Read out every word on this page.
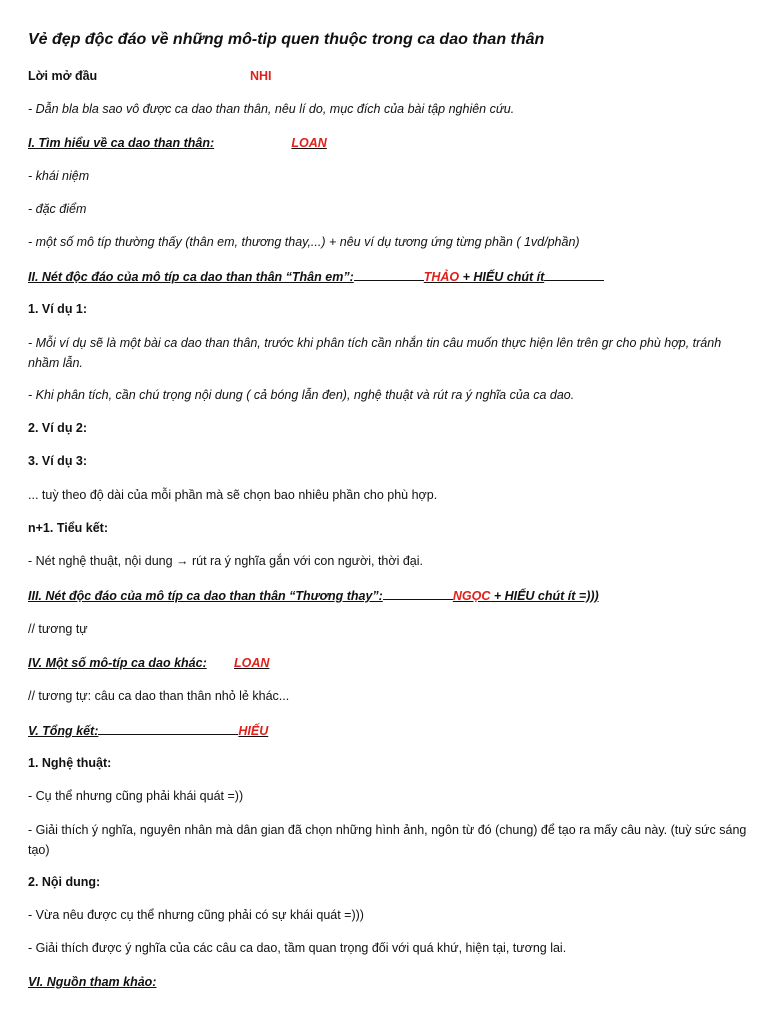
Vẻ đẹp độc đáo về những mô-tip quen thuộc trong ca dao than thân
Lời mở đầu	NHI
- Dẫn bla bla sao vô được ca dao than thân, nêu lí do, mục đích của bài tập nghiên cứu.
I. Tìm hiểu về ca dao than thân:	LOAN
- khái niệm
- đặc điểm
- một số mô típ thường thấy (thân em, thương thay,...) + nêu ví dụ tương ứng từng phần ( 1vd/phần)
II. Nét độc đáo của mô típ ca dao than thân “Thân em”:	THẢO + HIẾU chút ít
1. Ví dụ 1:
- Mỗi ví dụ sẽ là một bài ca dao than thân, trước khi phân tích cần nhắn tin câu muốn thực hiện lên trên gr cho phù hợp, tránh nhầm lẫn.
- Khi phân tích, cần chú trọng nội dung ( cả bóng lẫn đen), nghệ thuật và rút ra ý nghĩa của ca dao.
2. Ví dụ 2:
3. Ví dụ 3:
... tuỳ theo độ dài của mỗi phần mà sẽ chọn bao nhiêu phần cho phù hợp.
n+1. Tiểu kết:
- Nét nghệ thuật, nội dung → rút ra ý nghĩa gắn với con người, thời đại.
III. Nét độc đáo của mô típ ca dao than thân “Thương thay”:	NGỌC + HIẾU chút ít =)))
// tương tự
IV. Một số mô-típ ca dao khác: LOAN
// tương tự: câu ca dao than thân nhỏ lẻ khác...
V. Tổng kết:	HIẾU
1. Nghệ thuật:
- Cụ thể nhưng cũng phải khái quát =))
- Giải thích ý nghĩa, nguyên nhân mà dân gian đã chọn những hình ảnh, ngôn từ đó (chung) để tạo ra mấy câu này. (tuỳ sức sáng tạo)
2. Nội dung:
- Vừa nêu được cụ thể nhưng cũng phải có sự khái quát =)))
- Giải thích được ý nghĩa của các câu ca dao, tầm quan trọng đối với quá khứ, hiện tại, tương lai.
VI. Nguồn tham khảo:
